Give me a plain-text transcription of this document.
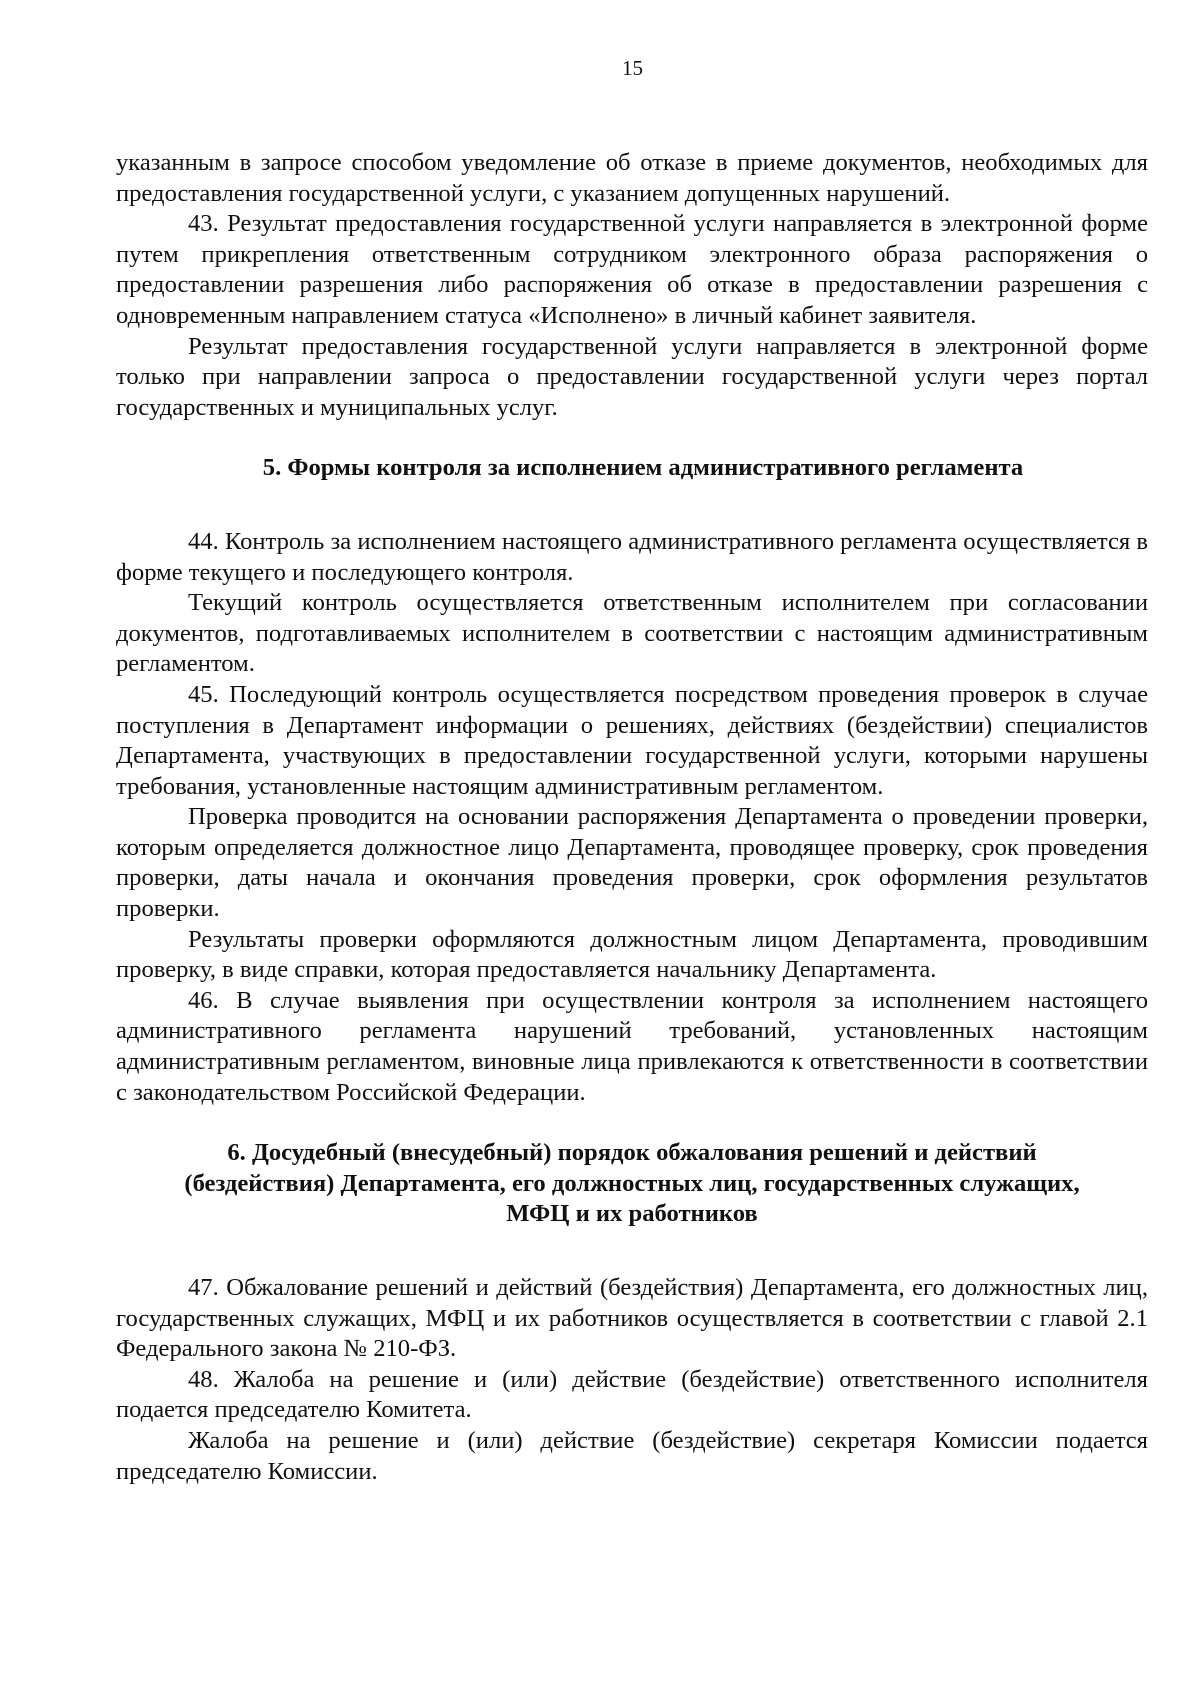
15

указанным в запросе способом уведомление об отказе в приеме документов, необходимых для предоставления государственной услуги, с указанием допущенных нарушений.

43. Результат предоставления государственной услуги направляется в электронной форме путем прикрепления ответственным сотрудником электронного образа распоряжения о предоставлении разрешения либо распоряжения об отказе в предоставлении разрешения с одновременным направлением статуса «Исполнено» в личный кабинет заявителя.

Результат предоставления государственной услуги направляется в электронной форме только при направлении запроса о предоставлении государственной услуги через портал государственных и муниципальных услуг.

5. Формы контроля за исполнением административного регламента

44. Контроль за исполнением настоящего административного регламента осуществляется в форме текущего и последующего контроля.

Текущий контроль осуществляется ответственным исполнителем при согласовании документов, подготавливаемых исполнителем в соответствии с настоящим административным регламентом.

45. Последующий контроль осуществляется посредством проведения проверок в случае поступления в Департамент информации о решениях, действиях (бездействии) специалистов Департамента, участвующих в предоставлении государственной услуги, которыми нарушены требования, установленные настоящим административным регламентом.

Проверка проводится на основании распоряжения Департамента о проведении проверки, которым определяется должностное лицо Департамента, проводящее проверку, срок проведения проверки, даты начала и окончания проведения проверки, срок оформления результатов проверки.

Результаты проверки оформляются должностным лицом Департамента, проводившим проверку, в виде справки, которая предоставляется начальнику Департамента.

46. В случае выявления при осуществлении контроля за исполнением настоящего административного регламента нарушений требований, установленных настоящим административным регламентом, виновные лица привлекаются к ответственности в соответствии с законодательством Российской Федерации.

6. Досудебный (внесудебный) порядок обжалования решений и действий
(бездействия) Департамента, его должностных лиц, государственных служащих,
МФЦ и их работников

47. Обжалование решений и действий (бездействия) Департамента, его должностных лиц, государственных служащих, МФЦ и их работников осуществляется в соответствии с главой 2.1 Федерального закона № 210-ФЗ.

48. Жалоба на решение и (или) действие (бездействие) ответственного исполнителя подается председателю Комитета.

Жалоба на решение и (или) действие (бездействие) секретаря Комиссии подается председателю Комиссии.
